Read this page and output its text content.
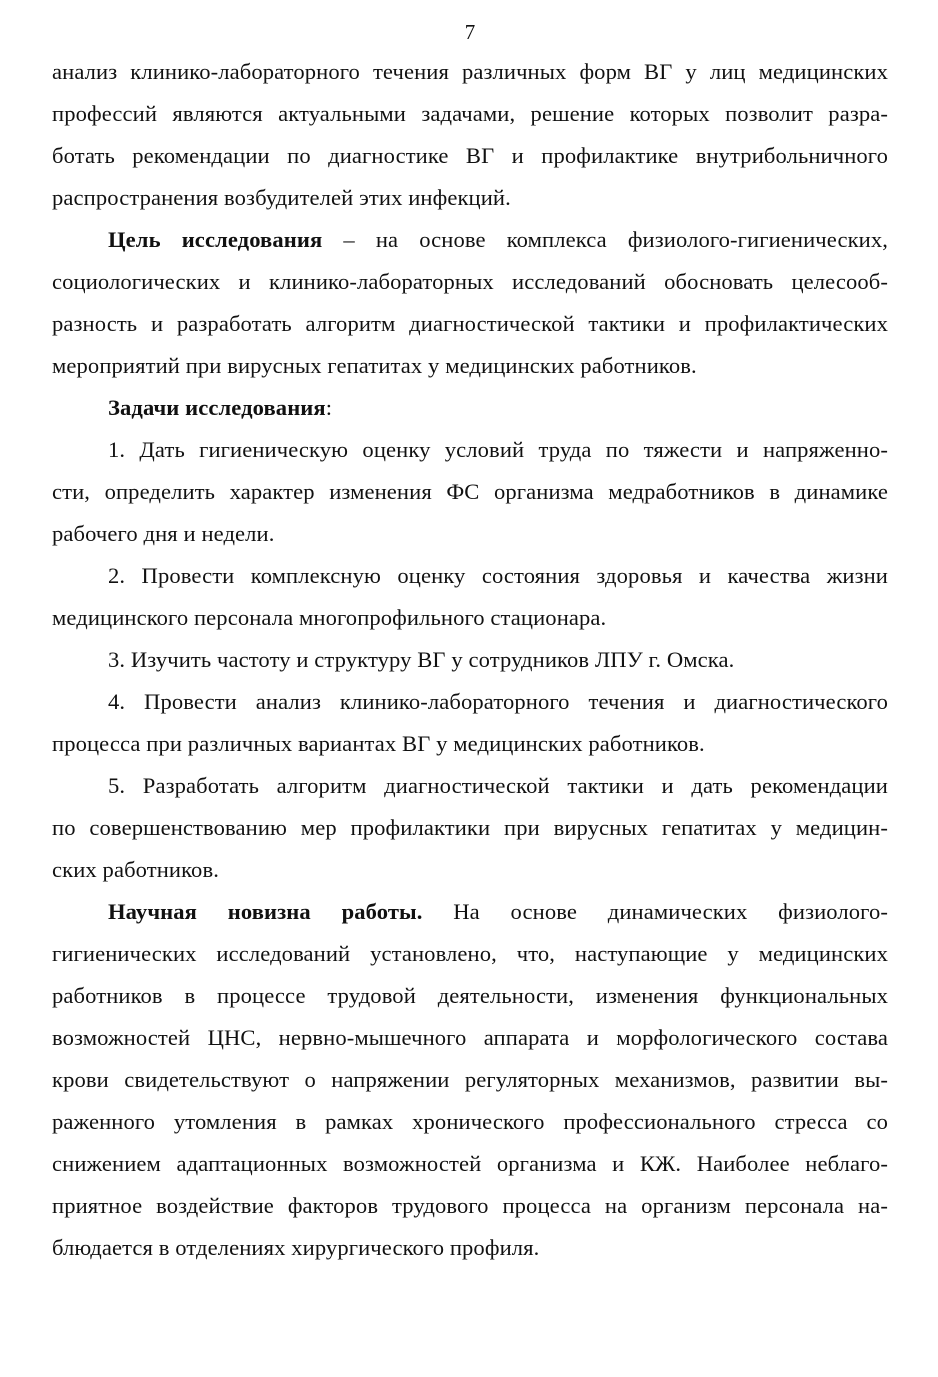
7
анализ клинико-лабораторного течения различных форм ВГ у лиц медицинских
профессий являются актуальными задачами, решение которых позволит разра-
ботать рекомендации по диагностике ВГ и профилактике внутрибольничного
распространения возбудителей этих инфекций.
Цель исследования – на основе комплекса физиолого-гигиенических,
социологических и клинико-лабораторных исследований обосновать целесооб-
разность и разработать алгоритм диагностической тактики и профилактических
мероприятий при вирусных гепатитах у медицинских работников.
Задачи исследования:
1. Дать гигиеническую оценку условий труда по тяжести и напряженно-
сти, определить характер изменения ФС организма медработников в динамике
рабочего дня и недели.
2. Провести комплексную оценку состояния здоровья и качества жизни
медицинского персонала многопрофильного стационара.
3. Изучить частоту и структуру ВГ у сотрудников ЛПУ г. Омска.
4. Провести анализ клинико-лабораторного течения и диагностического
процесса при различных вариантах ВГ у медицинских работников.
5. Разработать алгоритм диагностической тактики и дать рекомендации
по совершенствованию мер профилактики при вирусных гепатитах у медицин-
ских работников.
Научная новизна работы. На основе динамических физиолого-
гигиенических исследований установлено, что, наступающие у медицинских
работников в процессе трудовой деятельности, изменения функциональных
возможностей ЦНС, нервно-мышечного аппарата и морфологического состава
крови свидетельствуют о напряжении регуляторных механизмов, развитии вы-
раженного утомления в рамках хронического профессионального стресса со
снижением адаптационных возможностей организма и КЖ. Наиболее неблаго-
приятное воздействие факторов трудового процесса на организм персонала на-
блюдается в отделениях хирургического профиля.
